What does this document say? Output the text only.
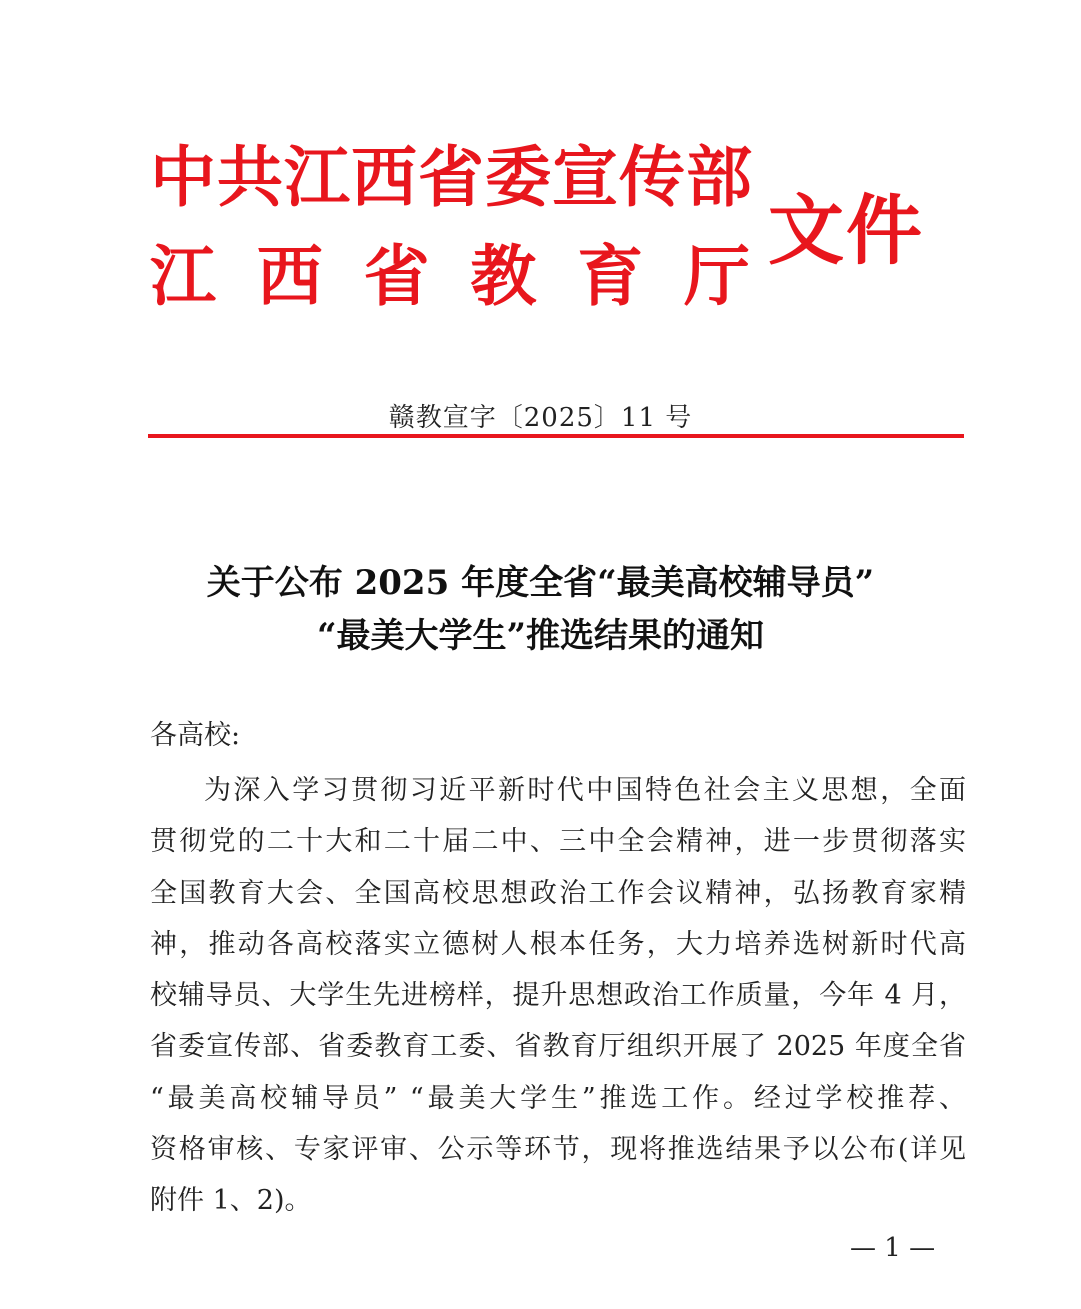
中共江西省委宣传部
江 西 省 教 育 厅
文件
赣教宣字〔2025〕11 号
关于公布 2025 年度全省“最美高校辅导员”
“最美大学生”推选结果的通知
各高校:
为深入学习贯彻习近平新时代中国特色社会主义思想，全面
贯彻党的二十大和二十届二中、三中全会精神，进一步贯彻落实
全国教育大会、全国高校思想政治工作会议精神，弘扬教育家精
神，推动各高校落实立德树人根本任务，大力培养选树新时代高
校辅导员、大学生先进榜样，提升思想政治工作质量，今年 4 月，
省委宣传部、省委教育工委、省教育厅组织开展了 2025 年度全省
“最美高校辅导员” “最美大学生”推选工作。经过学校推荐、
资格审核、专家评审、公示等环节，现将推选结果予以公布(详见
附件 1、2)。
— 1 —
